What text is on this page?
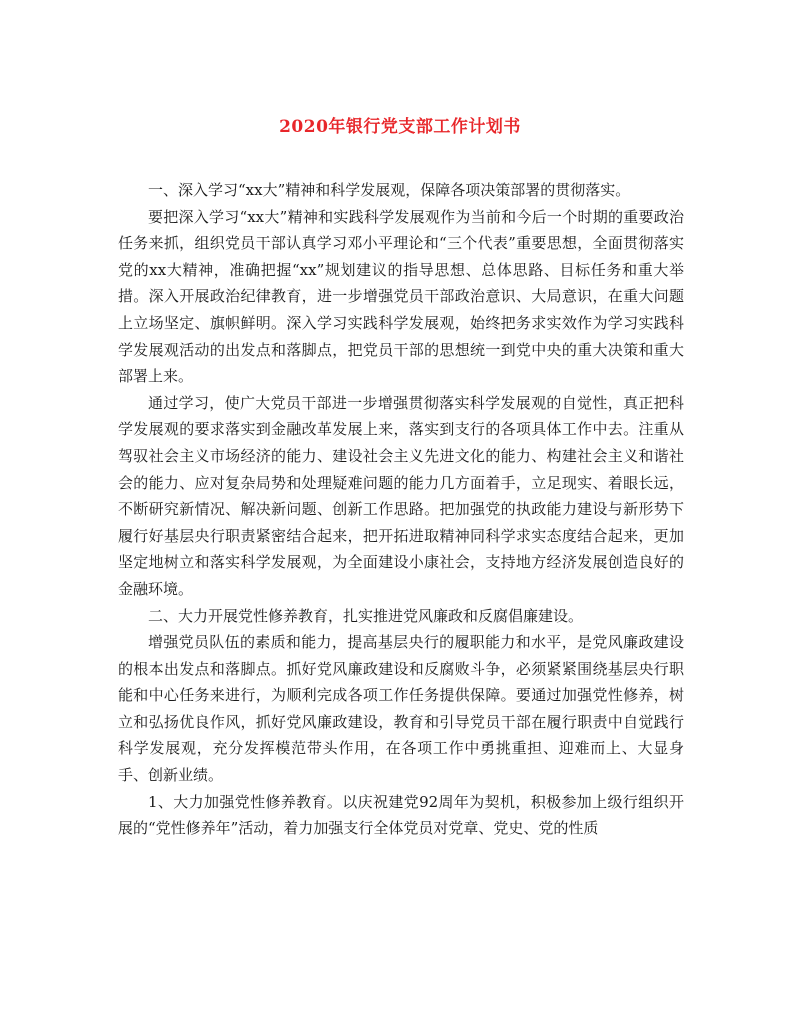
2020年银行党支部工作计划书

一、深入学习“xx大”精神和科学发展观，保障各项决策部署的贯彻落实。

要把深入学习“xx大”精神和实践科学发展观作为当前和今后一个时期的重要政治任务来抓，组织党员干部认真学习邓小平理论和“三个代表”重要思想，全面贯彻落实党的xx大精神，准确把握“xx”规划建议的指导思想、总体思路、目标任务和重大举措。深入开展政治纪律教育，进一步增强党员干部政治意识、大局意识，在重大问题上立场坚定、旗帜鲜明。深入学习实践科学发展观，始终把务求实效作为学习实践科学发展观活动的出发点和落脚点，把党员干部的思想统一到党中央的重大决策和重大部署上来。

通过学习，使广大党员干部进一步增强贯彻落实科学发展观的自觉性，真正把科学发展观的要求落实到金融改革发展上来，落实到支行的各项具体工作中去。注重从驾驭社会主义市场经济的能力、建设社会主义先进文化的能力、构建社会主义和谐社会的能力、应对复杂局势和处理疑难问题的能力几方面着手，立足现实、着眼长远，不断研究新情况、解决新问题、创新工作思路。把加强党的执政能力建设与新形势下履行好基层央行职责紧密结合起来，把开拓进取精神同科学求实态度结合起来，更加坚定地树立和落实科学发展观，为全面建设小康社会，支持地方经济发展创造良好的金融环境。

二、大力开展党性修养教育，扎实推进党风廉政和反腐倡廉建设。

增强党员队伍的素质和能力，提高基层央行的履职能力和水平，是党风廉政建设的根本出发点和落脚点。抓好党风廉政建设和反腐败斗争，必须紧紧围绕基层央行职能和中心任务来进行，为顺利完成各项工作任务提供保障。要通过加强党性修养，树立和弘扬优良作风，抓好党风廉政建设，教育和引导党员干部在履行职责中自觉践行科学发展观，充分发挥模范带头作用，在各项工作中勇挑重担、迎难而上、大显身手、创新业绩。

1、大力加强党性修养教育。以庆祝建党92周年为契机，积极参加上级行组织开展的“党性修养年”活动，着力加强支行全体党员对党章、党史、党的性质
